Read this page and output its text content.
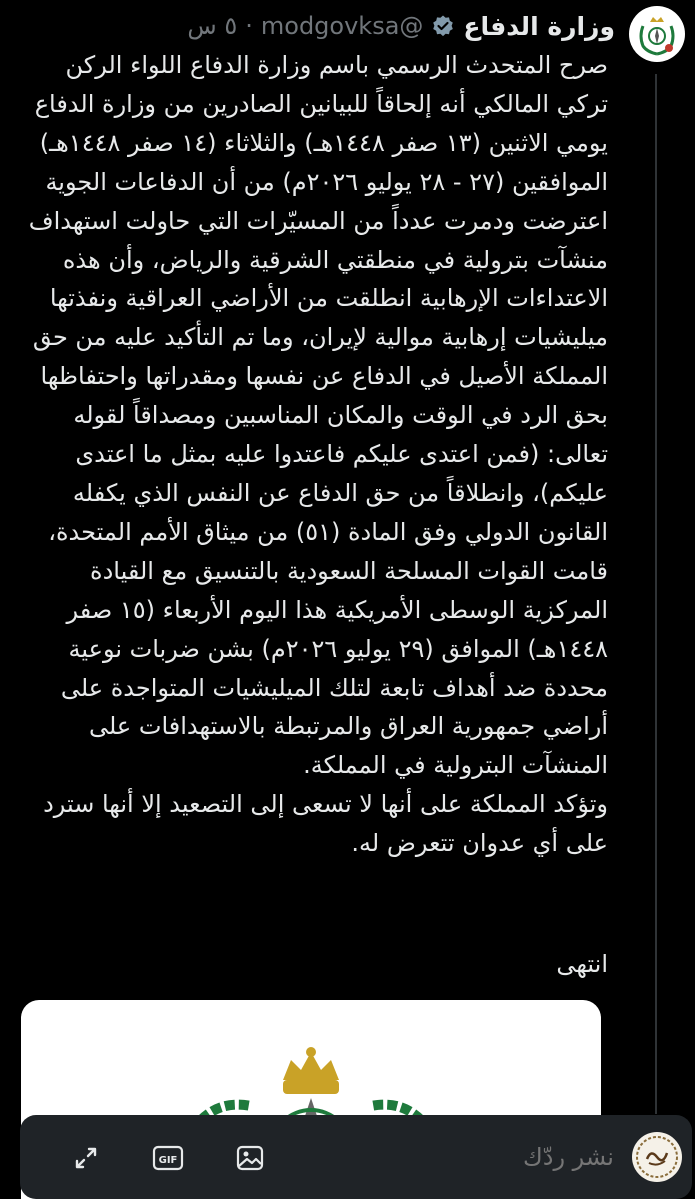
وزارة الدفاع
@modgovksa
·
٥ س
صرح المتحدث الرسمي باسم وزارة الدفاع اللواء الركن تركي المالكي أنه إلحاقاً للبيانين الصادرين من وزارة الدفاع يومي الاثنين (١٣ صفر ١٤٤٨هـ) والثلاثاء (١٤ صفر ١٤٤٨هـ) الموافقين (٢٧ - ٢٨ يوليو ٢٠٢٦م) من أن الدفاعات الجوية اعترضت ودمرت عدداً من المسيّرات التي حاولت استهداف منشآت بترولية في منطقتي الشرقية والرياض، وأن هذه الاعتداءات الإرهابية انطلقت من الأراضي العراقية ونفذتها ميليشيات إرهابية موالية لإيران، وما تم التأكيد عليه من حق المملكة الأصيل في الدفاع عن نفسها ومقدراتها واحتفاظها بحق الرد في الوقت والمكان المناسبين ومصداقاً لقوله تعالى: (فمن اعتدى عليكم فاعتدوا عليه بمثل ما اعتدى عليكم)، وانطلاقاً من حق الدفاع عن النفس الذي يكفله القانون الدولي وفق المادة (٥١) من ميثاق الأمم المتحدة، قامت القوات المسلحة السعودية بالتنسيق مع القيادة المركزية الوسطى الأمريكية هذا اليوم الأربعاء (١٥ صفر ١٤٤٨هـ) الموافق (٢٩ يوليو ٢٠٢٦م) بشن ضربات نوعية محددة ضد أهداف تابعة لتلك الميليشيات المتواجدة على أراضي جمهورية العراق والمرتبطة بالاستهدافات على المنشآت البترولية في المملكة.
وتؤكد المملكة على أنها لا تسعى إلى التصعيد إلا أنها سترد على أي عدوان تتعرض له.
انتهى
نشر ردّك
GIF
